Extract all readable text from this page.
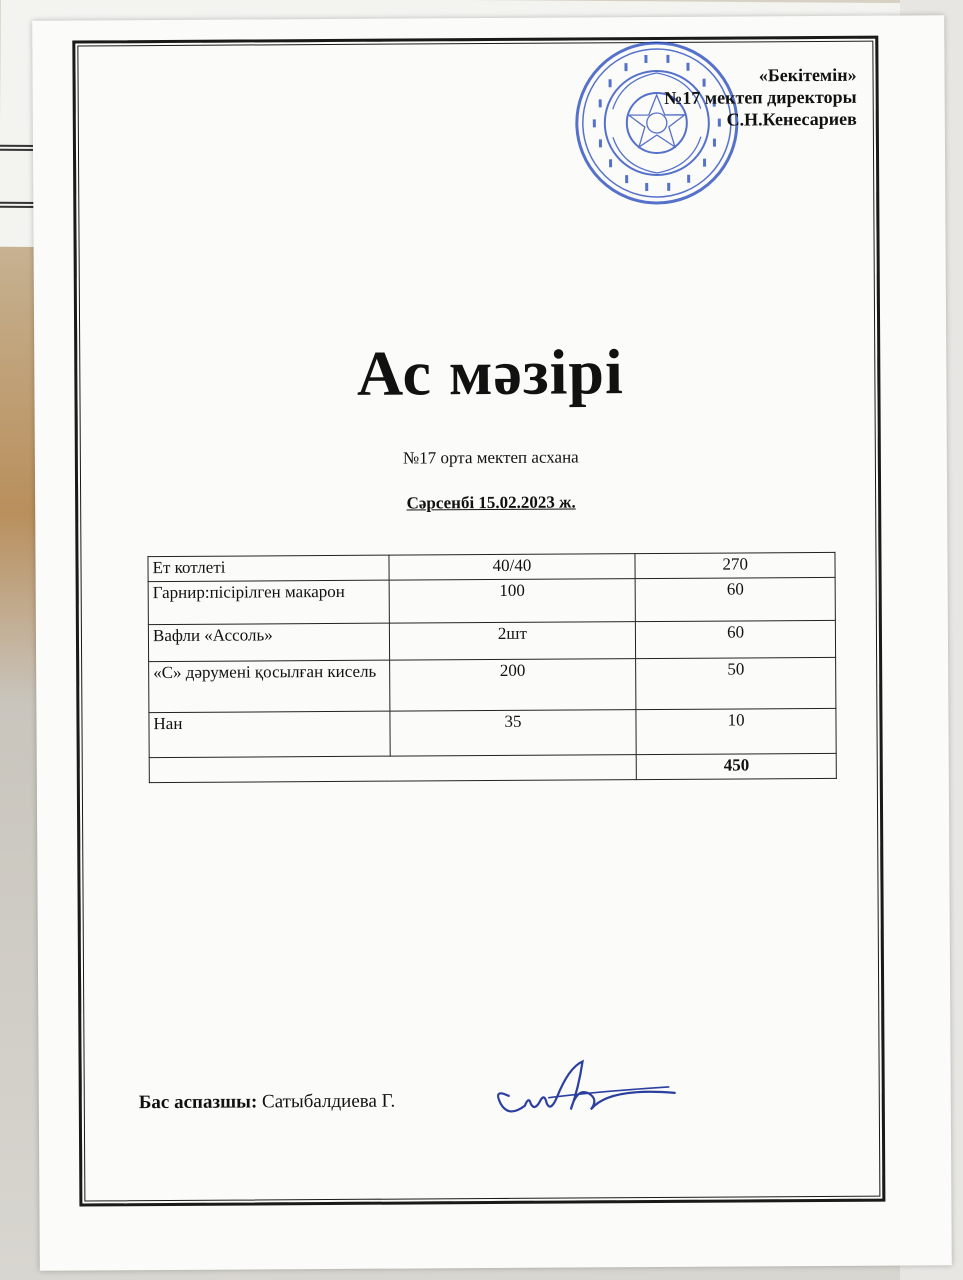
«Бекітемін»
№17 мектеп директоры
С.Н.Кенесариев
Ас мәзірі
№17 орта мектеп асхана
Сәрсенбі 15.02.2023 ж.
Ет котлеті	40/40	270
Гарнир:пісірілген макарон	100	60
Вафли «Ассоль»	2шт	60
«С» дәрумені қосылған кисель	200	50
Нан	35	10
		450
Бас аспазшы: Сатыбалдиева Г.
